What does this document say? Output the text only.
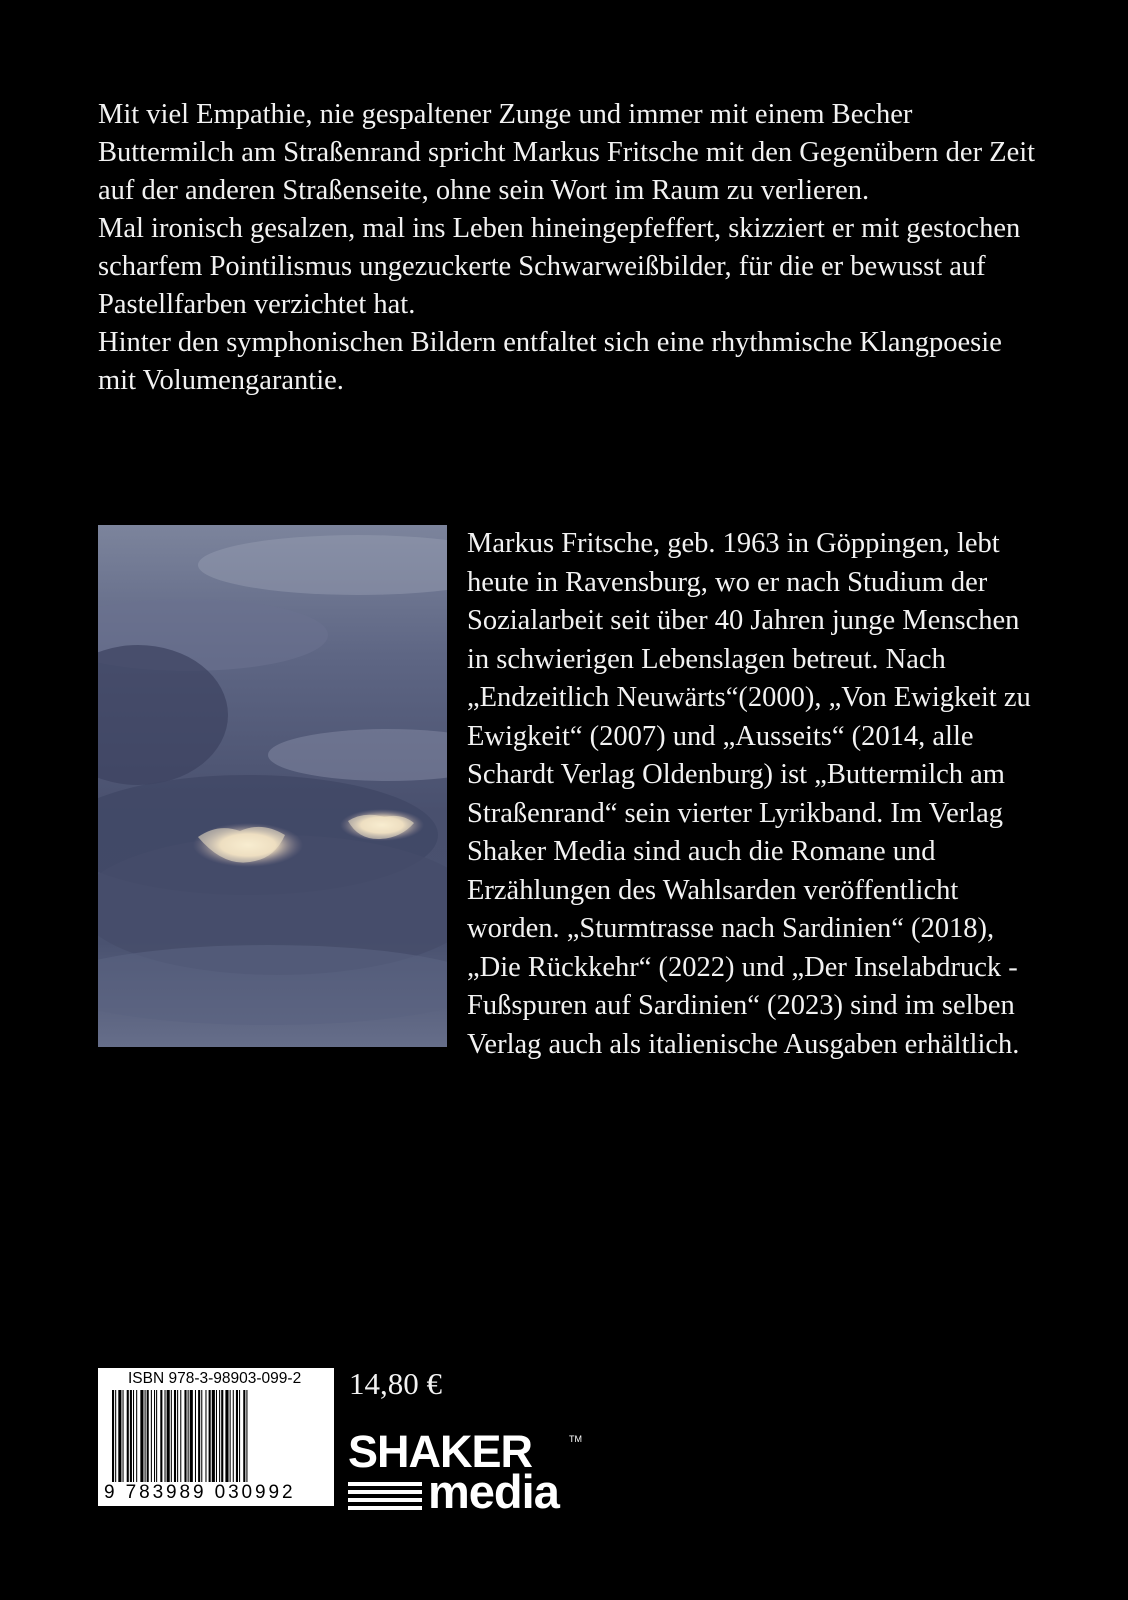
Mit viel Empathie, nie gespaltener Zunge und immer mit einem Becher Buttermilch am Straßenrand spricht Markus Fritsche mit den Gegenübern der Zeit auf der anderen Straßenseite, ohne sein Wort im Raum zu verlieren.

Mal ironisch gesalzen, mal ins Leben hineingepfeffert, skizziert er mit gestochen scharfem Pointilismus ungezuckerte Schwarweißbilder, für die er bewusst auf Pastellfarben verzichtet hat.

Hinter den symphonischen Bildern entfaltet sich eine rhythmische Klangpoesie mit Volumengarantie.

Markus Fritsche, geb. 1963 in Göppingen, lebt heute in Ravensburg, wo er nach Studium der Sozialarbeit seit über 40 Jahren junge Menschen in schwierigen Lebenslagen betreut. Nach „Endzeitlich Neuwärts“(2000), „Von Ewigkeit zu Ewigkeit“ (2007) und „Ausseits“ (2014, alle Schardt Verlag Oldenburg) ist „Buttermilch am Straßenrand“ sein vierter Lyrikband. Im Verlag Shaker Media sind auch die Romane und Erzählungen des Wahlsarden veröffentlicht worden. „Sturmtrasse nach Sardinien“ (2018), „Die Rückkehr“ (2022) und „Der Inselabdruck - Fußspuren auf Sardinien“ (2023) sind im selben Verlag auch als italienische Ausgaben erhältlich.

ISBN 978-3-98903-099-2
9 783989 030992
14,80 €
SHAKER	TM
media
